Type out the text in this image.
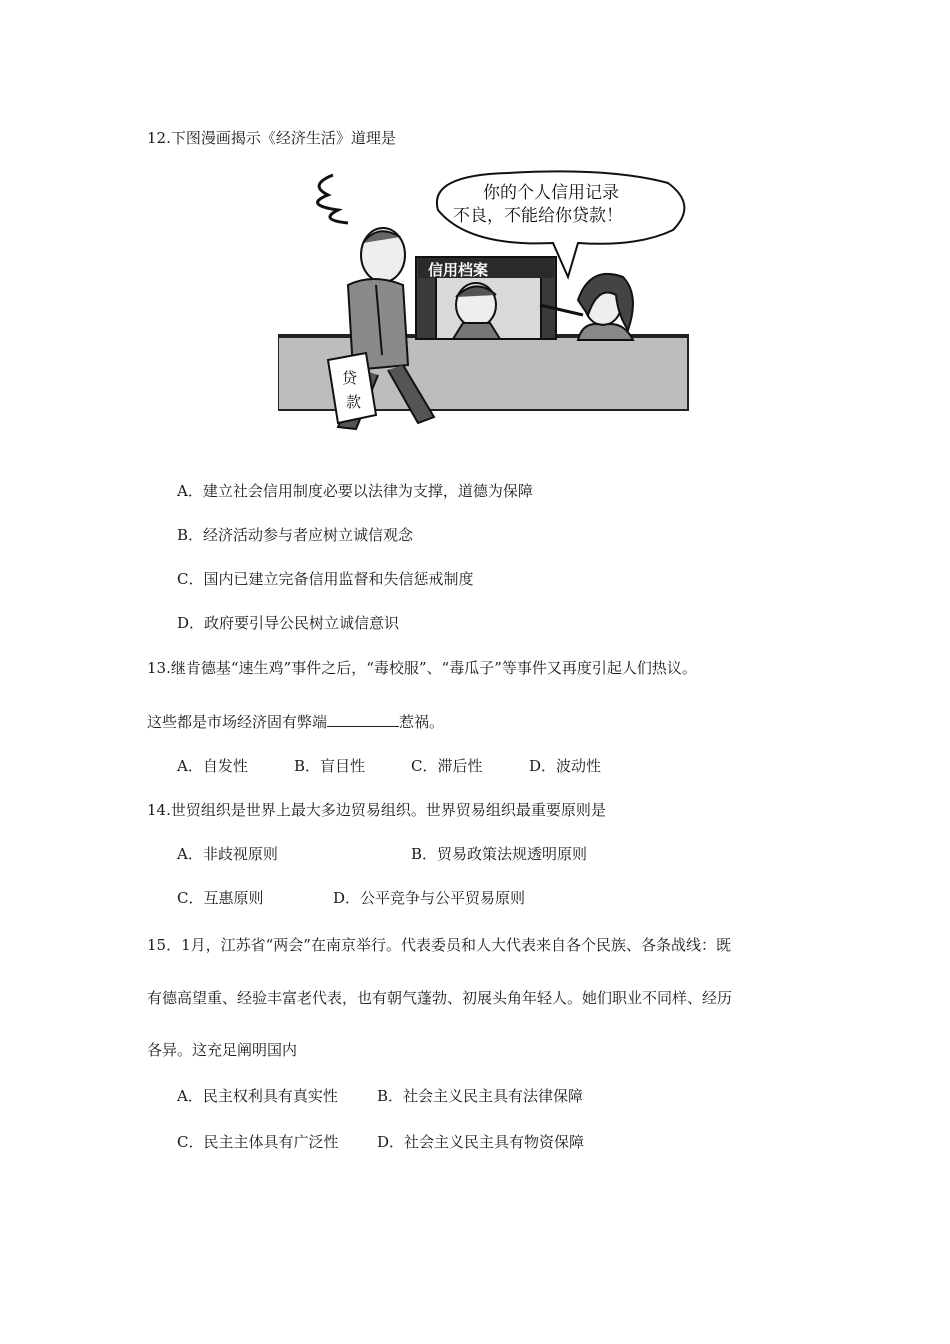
12.下图漫画揭示《经济生活》道理是
信用档案
你的个人信用记录
不良，不能给你贷款！
贷
款
A．建立社会信用制度必要以法律为支撑，道德为保障
B．经济活动参与者应树立诚信观念
C．国内已建立完备信用监督和失信惩戒制度
D．政府要引导公民树立诚信意识
13.继肯德基“速生鸡”事件之后，“毒校服”、“毒瓜子”等事件又再度引起人们热议。
这些都是市场经济固有弊端	惹祸。
A．自发性	B．盲目性	C．滞后性	D．波动性
14.世贸组织是世界上最大多边贸易组织。世界贸易组织最重要原则是
A．非歧视原则	B．贸易政策法规透明原则
C．互惠原则	D．公平竞争与公平贸易原则
15．1月，江苏省“两会”在南京举行。代表委员和人大代表来自各个民族、各条战线：既
有德高望重、经验丰富老代表，也有朝气蓬勃、初展头角年轻人。她们职业不同样、经历
各异。这充足阐明国内
A．民主权利具有真实性	B．社会主义民主具有法律保障
C．民主主体具有广泛性	D．社会主义民主具有物资保障
